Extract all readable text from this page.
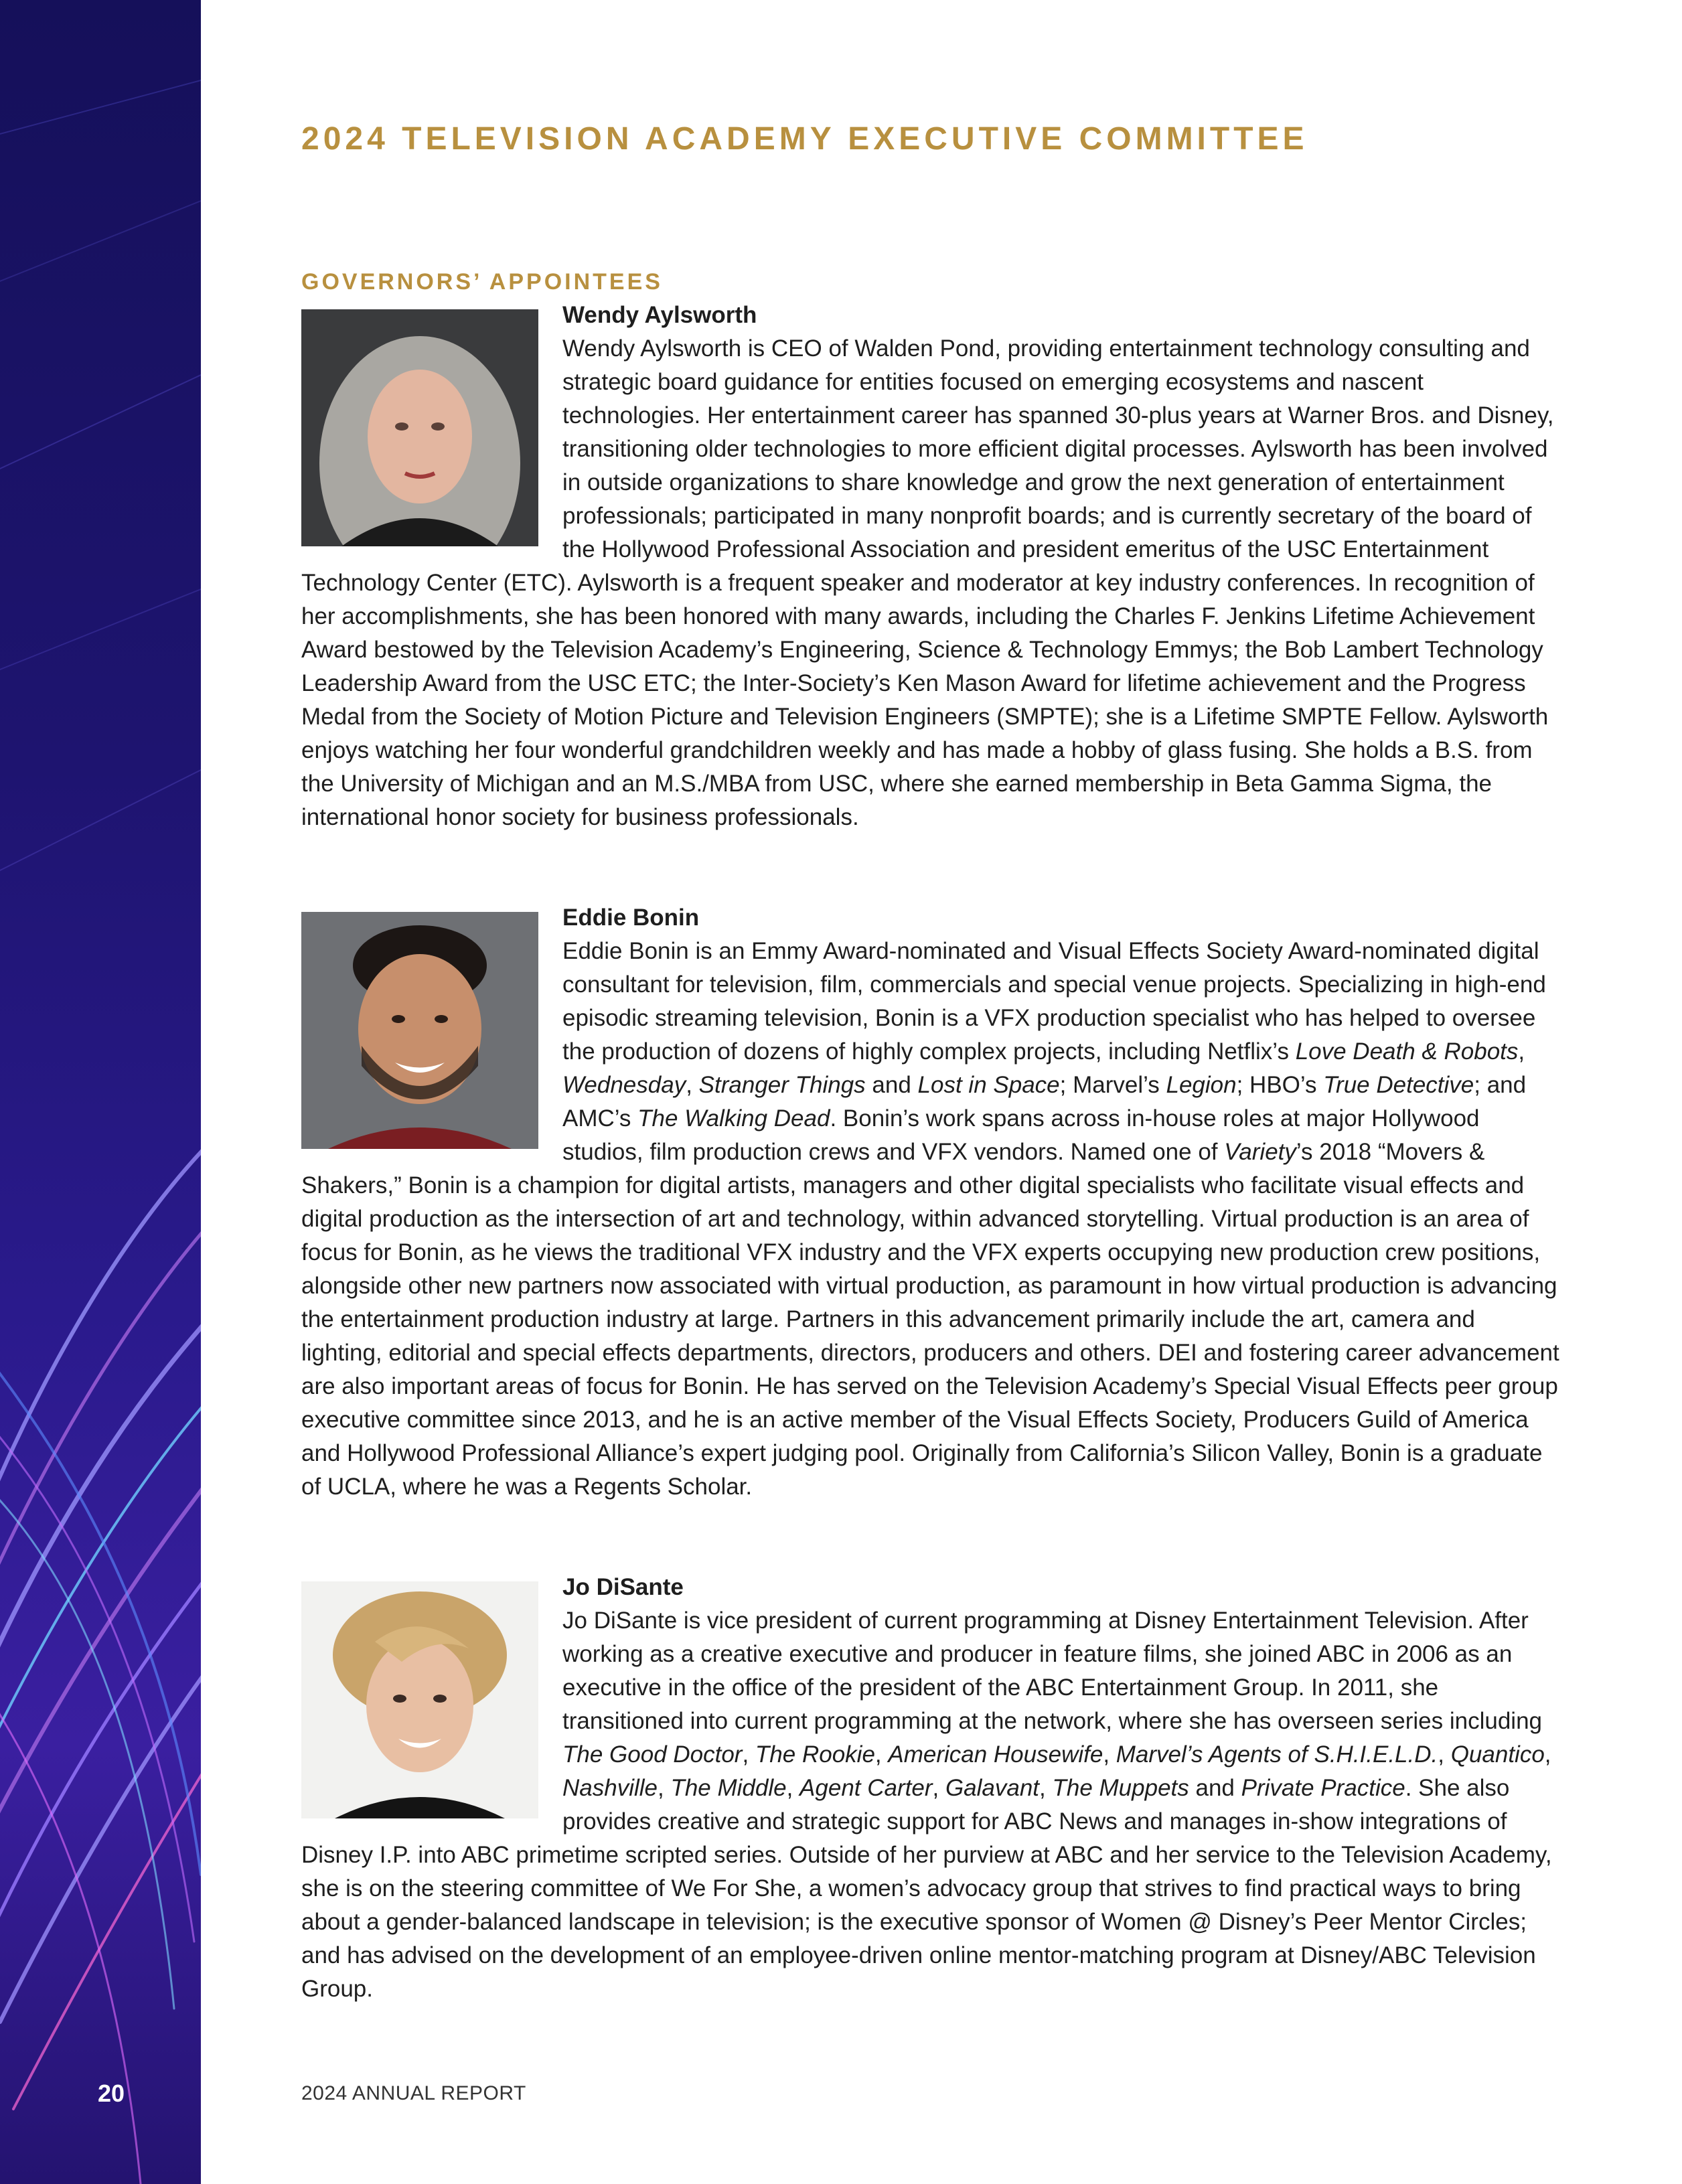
20
2024 TELEVISION ACADEMY EXECUTIVE COMMITTEE
GOVERNORS’ APPOINTEES

Wendy Aylsworth
Wendy Aylsworth is CEO of Walden Pond, providing entertainment technology consulting and strategic board guidance for entities focused on emerging ecosystems and nascent technologies. Her entertainment career has spanned 30-plus years at Warner Bros. and Disney, transitioning older technologies to more efficient digital processes. Aylsworth has been involved in outside organizations to share knowledge and grow the next generation of entertainment professionals; participated in many nonprofit boards; and is currently secretary of the board of the Hollywood Professional Association and president emeritus of the USC Entertainment Technology Center (ETC). Aylsworth is a frequent speaker and moderator at key industry conferences. In recognition of her accomplishments, she has been honored with many awards, including the Charles F. Jenkins Lifetime Achievement Award bestowed by the Television Academy’s Engineering, Science & Technology Emmys; the Bob Lambert Technology Leadership Award from the USC ETC; the Inter-Society’s Ken Mason Award for lifetime achievement and the Progress Medal from the Society of Motion Picture and Television Engineers (SMPTE); she is a Lifetime SMPTE Fellow. Aylsworth enjoys watching her four wonderful grandchildren weekly and has made a hobby of glass fusing. She holds a B.S. from the University of Michigan and an M.S./MBA from USC, where she earned membership in Beta Gamma Sigma, the international honor society for business professionals.

Eddie Bonin
Eddie Bonin is an Emmy Award-nominated and Visual Effects Society Award-nominated digital consultant for television, film, commercials and special venue projects. Specializing in high-end episodic streaming television, Bonin is a VFX production specialist who has helped to oversee the production of dozens of highly complex projects, including Netflix’s Love Death & Robots, Wednesday, Stranger Things and Lost in Space; Marvel’s Legion; HBO’s True Detective; and AMC’s The Walking Dead. Bonin’s work spans across in-house roles at major Hollywood studios, film production crews and VFX vendors. Named one of Variety’s 2018 “Movers & Shakers,” Bonin is a champion for digital artists, managers and other digital specialists who facilitate visual effects and digital production as the intersection of art and technology, within advanced storytelling. Virtual production is an area of focus for Bonin, as he views the traditional VFX industry and the VFX experts occupying new production crew positions, alongside other new partners now associated with virtual production, as paramount in how virtual production is advancing the entertainment production industry at large. Partners in this advancement primarily include the art, camera and lighting, editorial and special effects departments, directors, producers and others. DEI and fostering career advancement are also important areas of focus for Bonin. He has served on the Television Academy’s Special Visual Effects peer group executive committee since 2013, and he is an active member of the Visual Effects Society, Producers Guild of America and Hollywood Professional Alliance’s expert judging pool. Originally from California’s Silicon Valley, Bonin is a graduate of UCLA, where he was a Regents Scholar.

Jo DiSante
Jo DiSante is vice president of current programming at Disney Entertainment Television. After working as a creative executive and producer in feature films, she joined ABC in 2006 as an executive in the office of the president of the ABC Entertainment Group. In 2011, she transitioned into current programming at the network, where she has overseen series including The Good Doctor, The Rookie, American Housewife, Marvel’s Agents of S.H.I.E.L.D., Quantico, Nashville, The Middle, Agent Carter, Galavant, The Muppets and Private Practice. She also provides creative and strategic support for ABC News and manages in-show integrations of Disney I.P. into ABC primetime scripted series. Outside of her purview at ABC and her service to the Television Academy, she is on the steering committee of We For She, a women’s advocacy group that strives to find practical ways to bring about a gender-balanced landscape in television; is the executive sponsor of Women @ Disney’s Peer Mentor Circles; and has advised on the development of an employee-driven online mentor-matching program at Disney/ABC Television Group.

2024 ANNUAL REPORT
